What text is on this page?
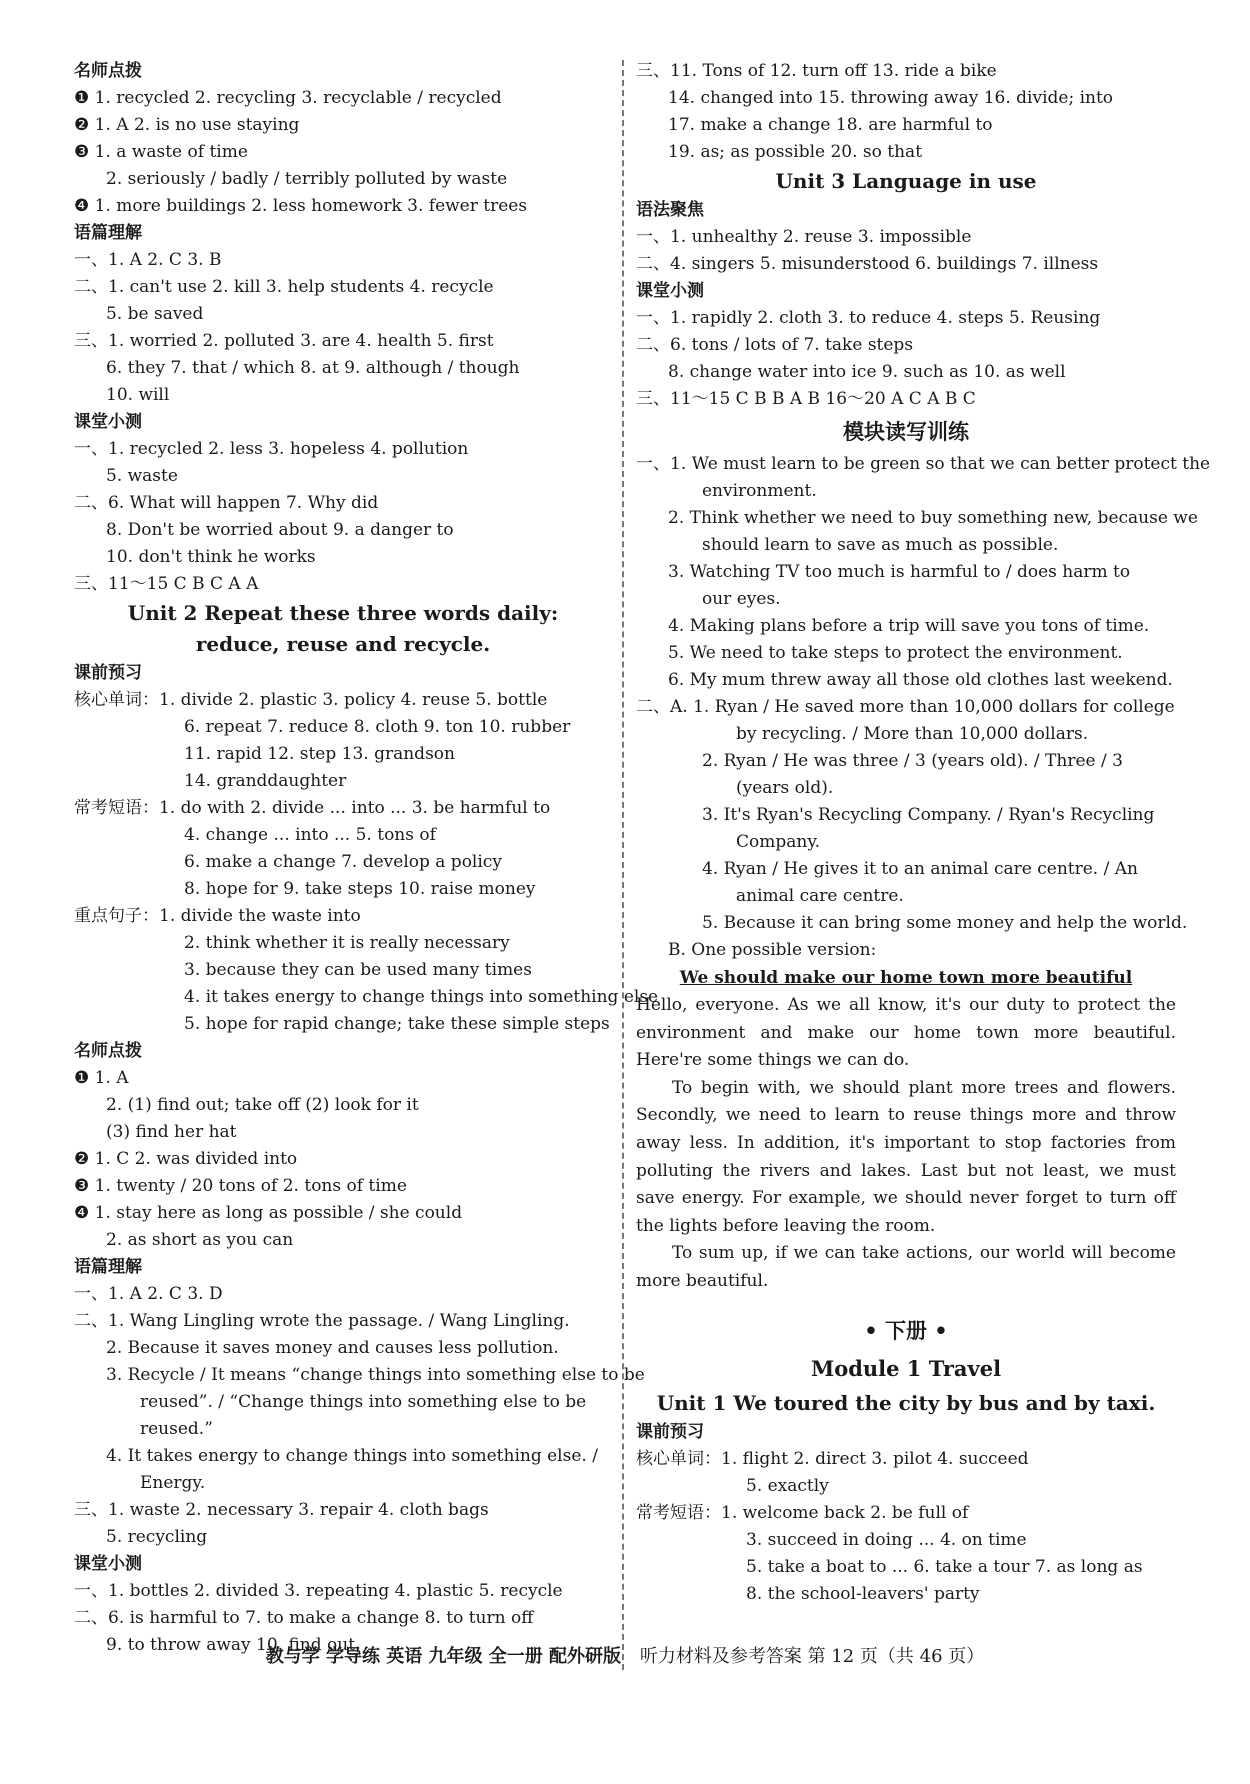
名师点拨
❶ 1. recycled 2. recycling 3. recyclable / recycled
❷ 1. A 2. is no use staying
❸ 1. a waste of time
2. seriously / badly / terribly polluted by waste
❹ 1. more buildings 2. less homework 3. fewer trees
语篇理解
一、1. A 2. C 3. B
二、1. can't use 2. kill 3. help students 4. recycle
5. be saved
三、1. worried 2. polluted 3. are 4. health 5. first
6. they 7. that / which 8. at 9. although / though
10. will
课堂小测
一、1. recycled 2. less 3. hopeless 4. pollution
5. waste
二、6. What will happen 7. Why did
8. Don't be worried about 9. a danger to
10. don't think he works
三、11～15 C B C A A
Unit 2 Repeat these three words daily:
reduce, reuse and recycle.
课前预习
核心单词：1. divide 2. plastic 3. policy 4. reuse 5. bottle
6. repeat 7. reduce 8. cloth 9. ton 10. rubber
11. rapid 12. step 13. grandson
14. granddaughter
常考短语：1. do with 2. divide ... into ... 3. be harmful to
4. change ... into ... 5. tons of
6. make a change 7. develop a policy
8. hope for 9. take steps 10. raise money
重点句子：1. divide the waste into
2. think whether it is really necessary
3. because they can be used many times
4. it takes energy to change things into something else
5. hope for rapid change; take these simple steps
名师点拨
❶ 1. A
2. (1) find out; take off (2) look for it
(3) find her hat
❷ 1. C 2. was divided into
❸ 1. twenty / 20 tons of 2. tons of time
❹ 1. stay here as long as possible / she could
2. as short as you can
语篇理解
一、1. A 2. C 3. D
二、1. Wang Lingling wrote the passage. / Wang Lingling.
2. Because it saves money and causes less pollution.
3. Recycle / It means “change things into something else to be
reused”. / “Change things into something else to be
reused.”
4. It takes energy to change things into something else. /
Energy.
三、1. waste 2. necessary 3. repair 4. cloth bags
5. recycling
课堂小测
一、1. bottles 2. divided 3. repeating 4. plastic 5. recycle
二、6. is harmful to 7. to make a change 8. to turn off
9. to throw away 10. find out
三、11. Tons of 12. turn off 13. ride a bike
14. changed into 15. throwing away 16. divide; into
17. make a change 18. are harmful to
19. as; as possible 20. so that
Unit 3 Language in use
语法聚焦
一、1. unhealthy 2. reuse 3. impossible
二、4. singers 5. misunderstood 6. buildings 7. illness
课堂小测
一、1. rapidly 2. cloth 3. to reduce 4. steps 5. Reusing
二、6. tons / lots of 7. take steps
8. change water into ice 9. such as 10. as well
三、11～15 C B B A B 16～20 A C A B C
模块读写训练
一、1. We must learn to be green so that we can better protect the
environment.
2. Think whether we need to buy something new, because we
should learn to save as much as possible.
3. Watching TV too much is harmful to / does harm to
our eyes.
4. Making plans before a trip will save you tons of time.
5. We need to take steps to protect the environment.
6. My mum threw away all those old clothes last weekend.
二、A. 1. Ryan / He saved more than 10,000 dollars for college
by recycling. / More than 10,000 dollars.
2. Ryan / He was three / 3 (years old). / Three / 3
(years old).
3. It's Ryan's Recycling Company. / Ryan's Recycling
Company.
4. Ryan / He gives it to an animal care centre. / An
animal care centre.
5. Because it can bring some money and help the world.
B. One possible version:
We should make our home town more beautiful
Hello, everyone. As we all know, it's our duty to protect the environment and make our home town more beautiful. Here're some things we can do.
To begin with, we should plant more trees and flowers. Secondly, we need to learn to reuse things more and throw away less. In addition, it's important to stop factories from polluting the rivers and lakes. Last but not least, we must save energy. For example, we should never forget to turn off the lights before leaving the room.
To sum up, if we can take actions, our world will become more beautiful.
• 下册 •
Module 1 Travel
Unit 1 We toured the city by bus and by taxi.
课前预习
核心单词：1. flight 2. direct 3. pilot 4. succeed
5. exactly
常考短语：1. welcome back 2. be full of
3. succeed in doing ... 4. on time
5. take a boat to ... 6. take a tour 7. as long as
8. the school-leavers' party
教与学 学导练 英语 九年级 全一册 配外研版 听力材料及参考答案 第 12 页（共 46 页）
